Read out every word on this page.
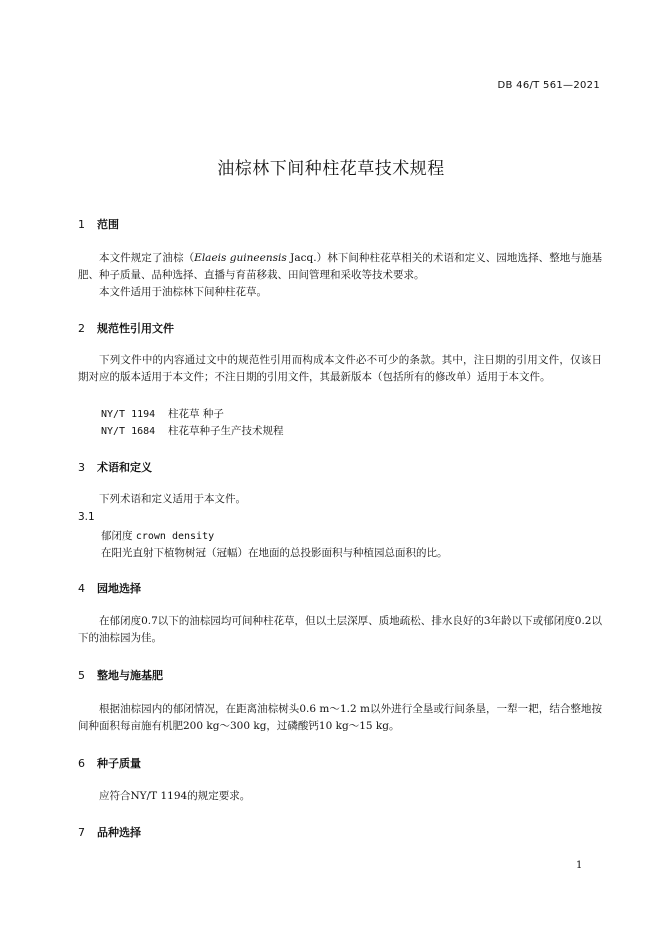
DB 46/T 561—2021
油棕林下间种柱花草技术规程
1 范围

本文件规定了油棕（Elaeis guineensis Jacq.）林下间种柱花草相关的术语和定义、园地选择、整地与施基肥、种子质量、品种选择、直播与育苗移栽、田间管理和采收等技术要求。

本文件适用于油棕林下间种柱花草。

2 规范性引用文件

下列文件中的内容通过文中的规范性引用而构成本文件必不可少的条款。其中，注日期的引用文件，仅该日期对应的版本适用于本文件；不注日期的引用文件，其最新版本（包括所有的修改单）适用于本文件。

NY/T 1194 柱花草 种子
NY/T 1684 柱花草种子生产技术规程
3 术语和定义

下列术语和定义适用于本文件。

3.1
郁闭度 crown density
在阳光直射下植物树冠（冠幅）在地面的总投影面积与种植园总面积的比。
4 园地选择

在郁闭度0.7以下的油棕园均可间种柱花草，但以土层深厚、质地疏松、排水良好的3年龄以下或郁闭度0.2以下的油棕园为佳。

5 整地与施基肥

根据油棕园内的郁闭情况，在距离油棕树头0.6 m～1.2 m以外进行全垦或行间条垦，一犁一耙，结合整地按间种面积每亩施有机肥200 kg～300 kg，过磷酸钙10 kg～15 kg。

6 种子质量

应符合NY/T 1194的规定要求。

7 品种选择
1
